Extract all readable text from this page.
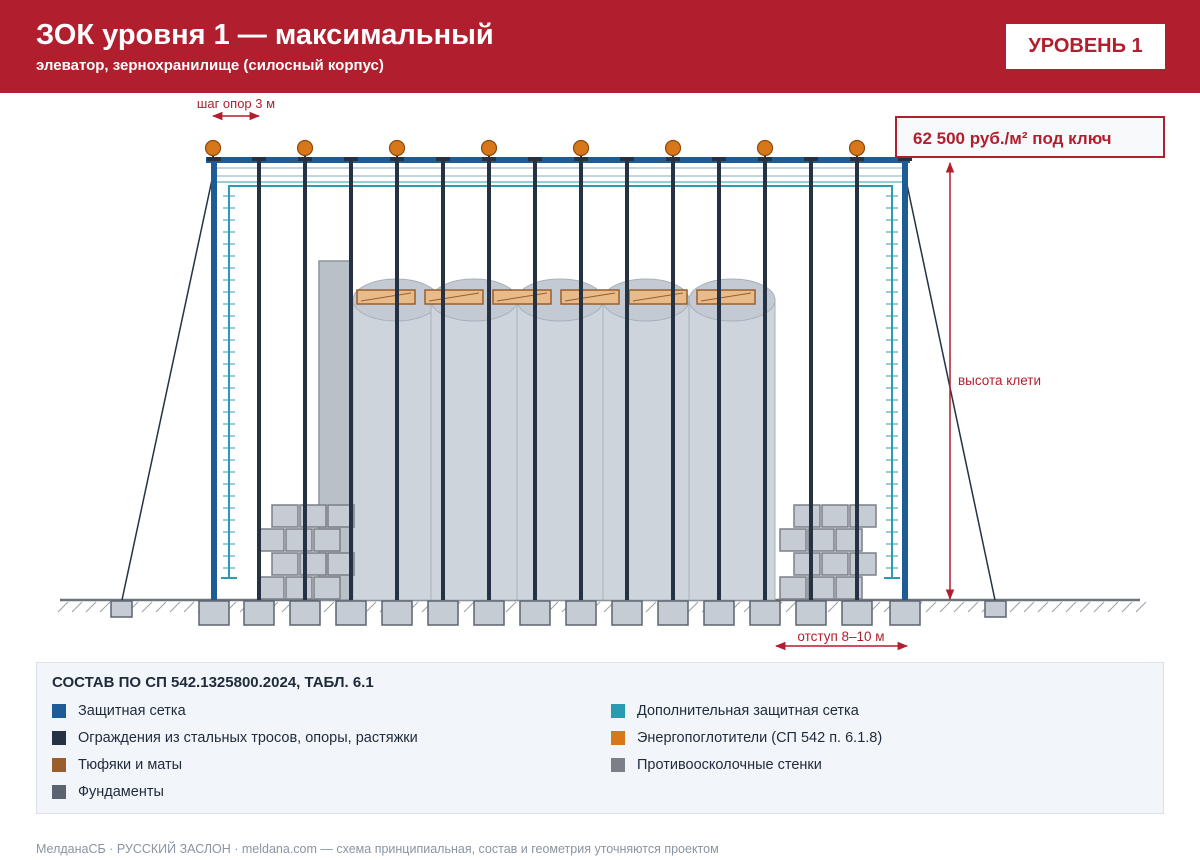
ЗОК уровня 1 — максимальный
элеватор, зернохранилище (силосный корпус)
УРОВЕНЬ 1
шаг опор 3 м
высота клети
отступ 8–10 м
62 500 руб./м² под ключ
СОСТАВ ПО СП 542.1325800.2024, ТАБЛ. 6.1
Защитная сетка
Ограждения из стальных тросов, опоры, растяжки
Тюфяки и маты
Фундаменты
Дополнительная защитная сетка
Энергопоглотители (СП 542 п. 6.1.8)
Противоосколочные стенки
МелданаСБ · РУССКИЙ ЗАСЛОН · meldana.com — схема принципиальная, состав и геометрия уточняются проектом
